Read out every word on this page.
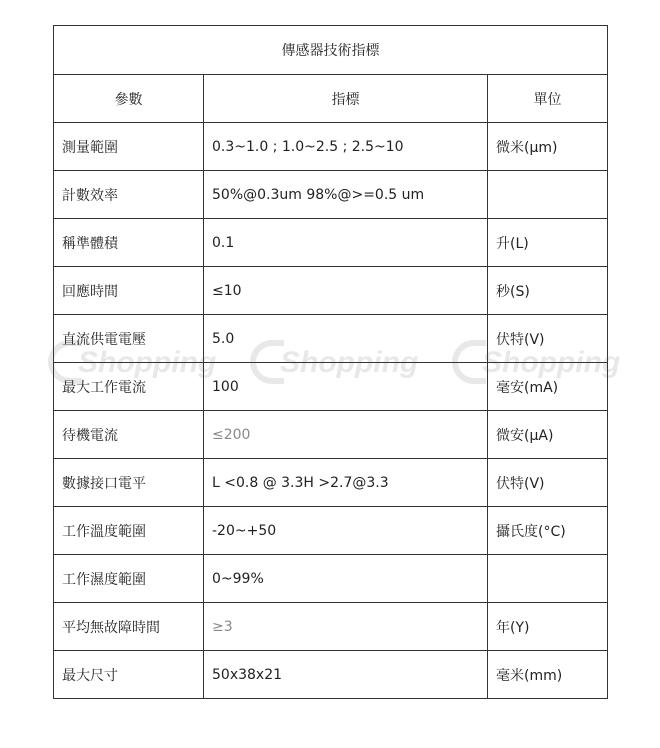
傳感器技術指標		
參數	指標	單位
測量範圍	0.3~1.0 ; 1.0~2.5 ; 2.5~10	微米(μm)
計數效率	50%@0.3um 98%@>=0.5 um	
稱準體積	0.1	升(L)
回應時間	≤10	秒(S)
直流供電電壓	5.0	伏特(V)
最大工作電流	100	毫安(mA)
待機電流	≤200	微安(μA)
數據接口電平	L <0.8 @ 3.3H >2.7@3.3	伏特(V)
工作溫度範圍	-20~+50	攝氏度(°C)
工作濕度範圍	0~99%	
平均無故障時間	≥3	年(Y)
最大尺寸	50x38x21	毫米(mm)
Shopping Shopping Shopping
